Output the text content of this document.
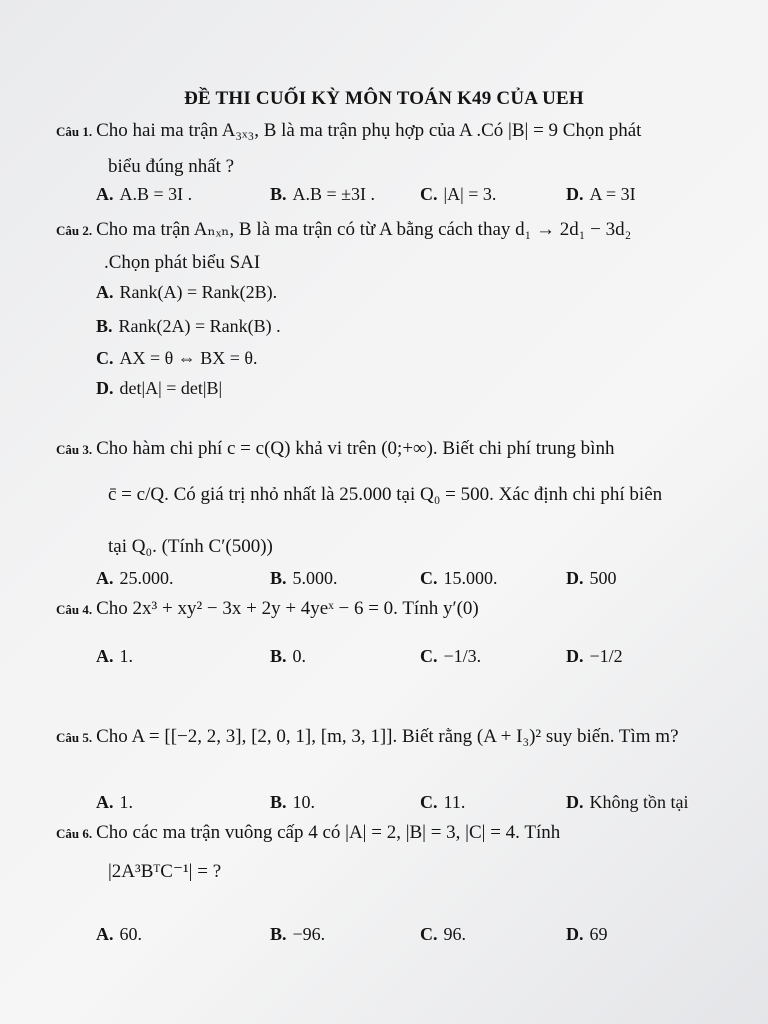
ĐỀ THI CUỐI KỲ MÔN TOÁN K49 CỦA UEH
Câu 1. Cho hai ma trận A₃ₓ₃, B là ma trận phụ hợp của A .Có |B| = 9 Chọn phát
biểu đúng nhất ?
A. A.B = 3I .	B. A.B = ±3I . C. |A| = 3.	D. A = 3I
Câu 2. Cho ma trận Aₙₓₙ, B là ma trận có từ A bằng cách thay d₁ → 2d₁ − 3d₂
.Chọn phát biểu SAI
A. Rank(A) = Rank(2B).
B. Rank(2A) = Rank(B) .
C. AX = θ ⇔ BX = θ.
D. det|A| = det|B|
Câu 3. Cho hàm chi phí c = c(Q) khả vi trên (0;+∞). Biết chi phí trung bình
c̄ = c/Q. Có giá trị nhỏ nhất là 25.000 tại Q₀ = 500. Xác định chi phí biên
tại Q₀. (Tính C′(500))
A. 25.000.	B. 5.000.	C. 15.000.	D. 500
Câu 4. Cho 2x³ + xy² − 3x + 2y + 4yeˣ − 6 = 0. Tính y′(0)
A. 1.	B. 0.	C. −1/3.	D. −1/2
Câu 5. Cho A = [[−2, 2, 3], [2, 0, 1], [m, 3, 1]]. Biết rằng (A + I₃)² suy biến. Tìm m?
A. 1.	B. 10.	C. 11.	D. Không tồn tại
Câu 6. Cho các ma trận vuông cấp 4 có |A| = 2, |B| = 3, |C| = 4. Tính
|2A³BᵀC⁻¹| = ?
A. 60.	B. −96.	C. 96.	D. 69
